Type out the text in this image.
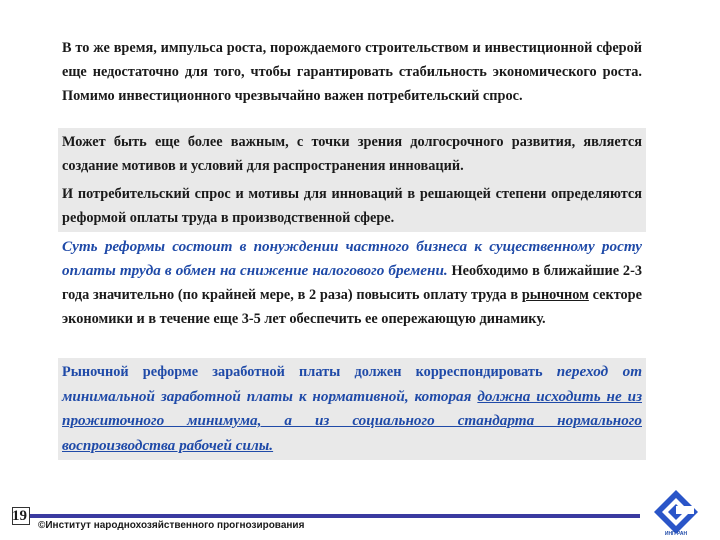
В то же время, импульса роста, порождаемого строительством и инвестиционной сферой еще недостаточно для того, чтобы гарантировать стабильность экономического роста. Помимо инвестиционного чрезвычайно важен потребительский спрос.

Может быть еще более важным, с точки зрения долгосрочного развития, является создание мотивов и условий для распространения инноваций.

И потребительский спрос и мотивы для инноваций в решающей степени определяются реформой оплаты труда в производственной сфере.

Суть реформы состоит в понуждении частного бизнеса к существенному росту оплаты труда в обмен на снижение налогового бремени. Необходимо в ближайшие 2-3 года значительно (по крайней мере, в 2 раза) повысить оплату труда в рыночном секторе экономики и в течение еще 3-5 лет обеспечить ее опережающую динамику.

Рыночной реформе заработной платы должен корреспондировать переход от минимальной заработной платы к нормативной, которая должна исходить не из прожиточного минимума, а из социального стандарта нормального воспроизводства рабочей силы.

19
©Институт народнохозяйственного прогнозирования
ИНП РАН
